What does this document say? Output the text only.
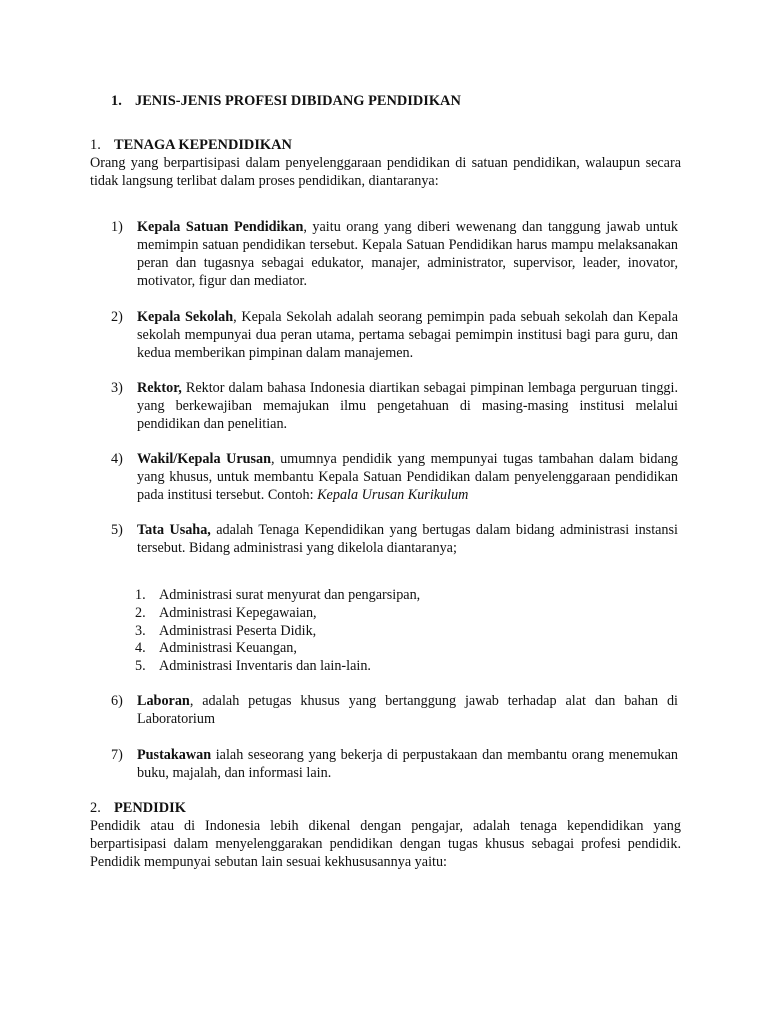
1. JENIS-JENIS PROFESI DIBIDANG PENDIDIKAN
1. TENAGA KEPENDIDIKAN
Orang yang berpartisipasi dalam penyelenggaraan pendidikan di satuan pendidikan, walaupun secara tidak langsung terlibat dalam proses pendidikan, diantaranya:
1) Kepala Satuan Pendidikan, yaitu orang yang diberi wewenang dan tanggung jawab untuk memimpin satuan pendidikan tersebut. Kepala Satuan Pendidikan harus mampu melaksanakan peran dan tugasnya sebagai edukator, manajer, administrator, supervisor, leader, inovator, motivator, figur dan mediator.
2) Kepala Sekolah, Kepala Sekolah adalah seorang pemimpin pada sebuah sekolah dan Kepala sekolah mempunyai dua peran utama, pertama sebagai pemimpin institusi bagi para guru, dan kedua memberikan pimpinan dalam manajemen.
3) Rektor, Rektor dalam bahasa Indonesia diartikan sebagai pimpinan lembaga perguruan tinggi. yang berkewajiban memajukan ilmu pengetahuan di masing-masing institusi melalui pendidikan dan penelitian.
4) Wakil/Kepala Urusan, umumnya pendidik yang mempunyai tugas tambahan dalam bidang yang khusus, untuk membantu Kepala Satuan Pendidikan dalam penyelenggaraan pendidikan pada institusi tersebut. Contoh: Kepala Urusan Kurikulum
5) Tata Usaha, adalah Tenaga Kependidikan yang bertugas dalam bidang administrasi instansi tersebut. Bidang administrasi yang dikelola diantaranya;
1. Administrasi surat menyurat dan pengarsipan,
2. Administrasi Kepegawaian,
3. Administrasi Peserta Didik,
4. Administrasi Keuangan,
5. Administrasi Inventaris dan lain-lain.
6) Laboran, adalah petugas khusus yang bertanggung jawab terhadap alat dan bahan di Laboratorium
7) Pustakawan ialah seseorang yang bekerja di perpustakaan dan membantu orang menemukan buku, majalah, dan informasi lain.
2. PENDIDIK
Pendidik atau di Indonesia lebih dikenal dengan pengajar, adalah tenaga kependidikan yang berpartisipasi dalam menyelenggarakan pendidikan dengan tugas khusus sebagai profesi pendidik. Pendidik mempunyai sebutan lain sesuai kekhususannya yaitu:
